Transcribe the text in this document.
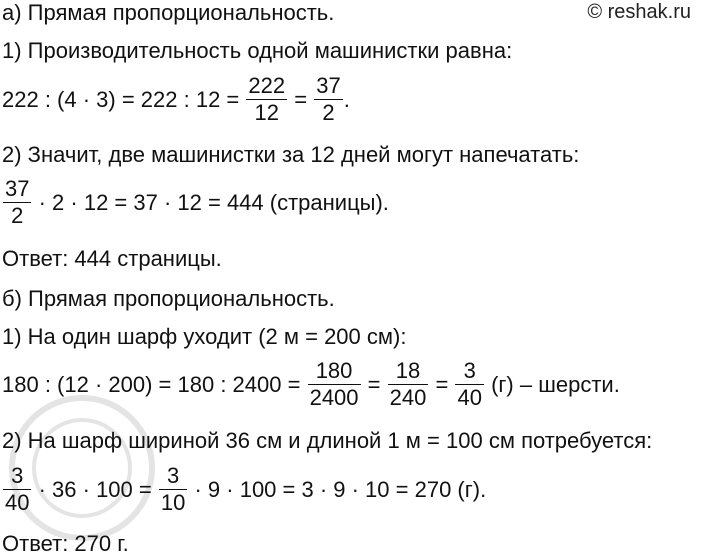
© reshak.ru
а) Прямая пропорциональность.
1) Производительность одной машинистки равна:
222 : (4 · 3) = 222 : $12 = \frac{222}{12} = \frac{37}{2}$ .
2) Значит, две машинистки за 12 дней могут напечатать:
$\frac{37}{2} \cdot 2 \cdot 12 = 37 \cdot 12 = 444$ (страницы).
Ответ: 444 страницы.
б) Прямая пропорциональность.
1) На один шарф уходит (2 м = 200 см):
180 : (12 · 200) = 180 : $2400 = \frac{180}{2400} = \frac{18}{240} = \frac{3}{40} (г)$ – шерсти.
2) На шарф шириной 36 см и длиной 1 м = 100 см потребуется:
$\frac{3}{40} \cdot 36 \cdot 100 = \frac{3}{10} \cdot 9 \cdot 100 = 3 \cdot 9 \cdot 10 = 270$ (г).
Ответ: 270 г.
